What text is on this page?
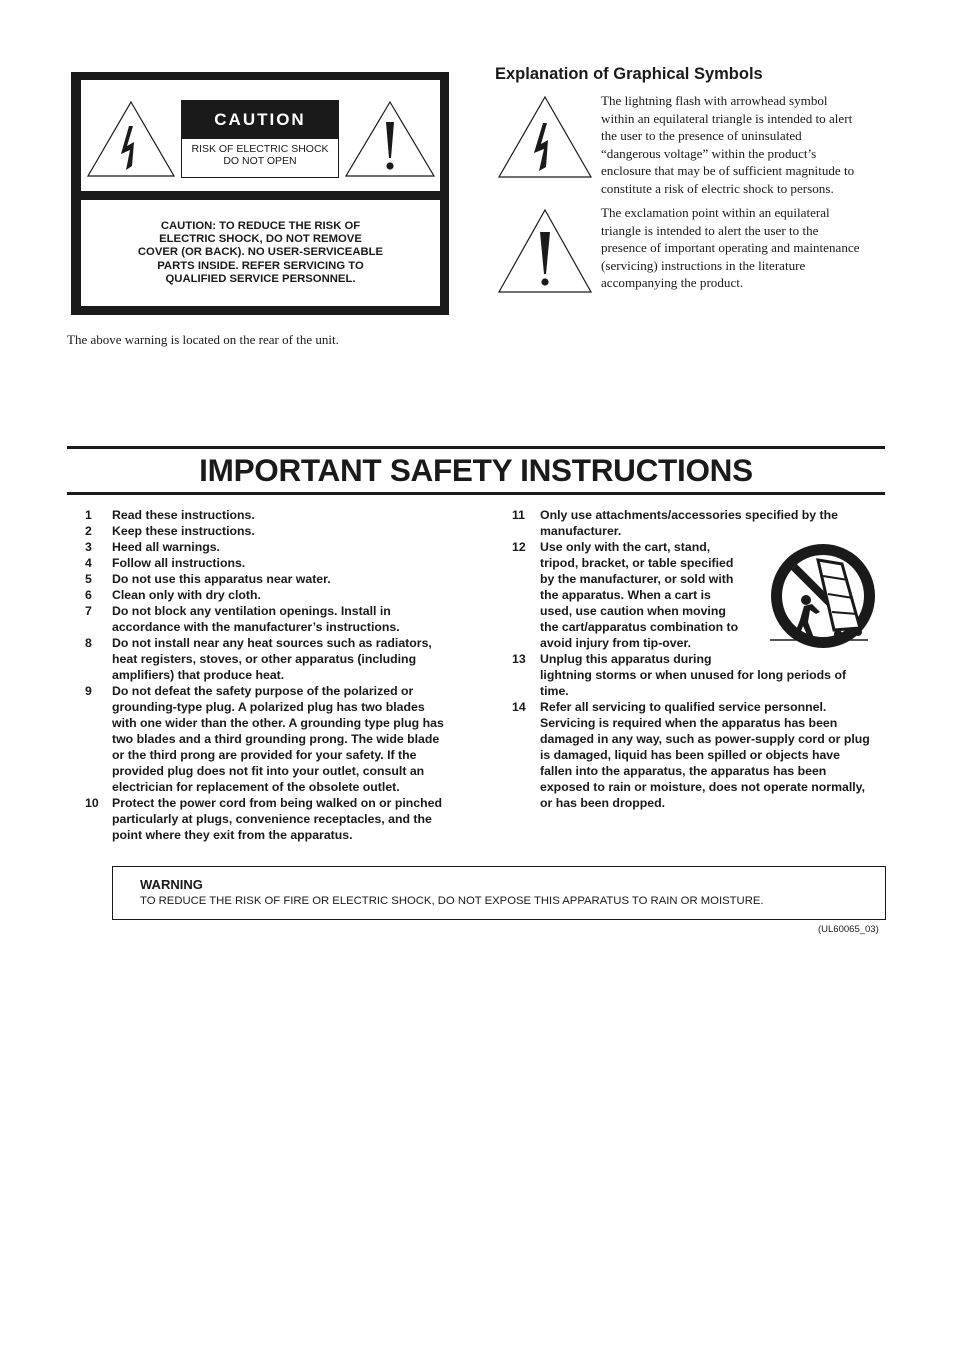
CAUTION
RISK OF ELECTRIC SHOCK
DO NOT OPEN
CAUTION: TO REDUCE THE RISK OF
ELECTRIC SHOCK, DO NOT REMOVE
COVER (OR BACK). NO USER-SERVICEABLE
PARTS INSIDE. REFER SERVICING TO
QUALIFIED SERVICE PERSONNEL.
The above warning is located on the rear of the unit.
Explanation of Graphical Symbols
The lightning flash with arrowhead symbol
within an equilateral triangle is intended to alert
the user to the presence of uninsulated
“dangerous voltage” within the product’s
enclosure that may be of sufficient magnitude to
constitute a risk of electric shock to persons.
The exclamation point within an equilateral
triangle is intended to alert the user to the
presence of important operating and maintenance
(servicing) instructions in the literature
accompanying the product.
IMPORTANT SAFETY INSTRUCTIONS
1 Read these instructions.
2 Keep these instructions.
3 Heed all warnings.
4 Follow all instructions.
5 Do not use this apparatus near water.
6 Clean only with dry cloth.
7 Do not block any ventilation openings. Install in
accordance with the manufacturer’s instructions.
8 Do not install near any heat sources such as radiators,
heat registers, stoves, or other apparatus (including
amplifiers) that produce heat.
9 Do not defeat the safety purpose of the polarized or
grounding-type plug. A polarized plug has two blades
with one wider than the other. A grounding type plug has
two blades and a third grounding prong. The wide blade
or the third prong are provided for your safety. If the
provided plug does not fit into your outlet, consult an
electrician for replacement of the obsolete outlet.
10 Protect the power cord from being walked on or pinched
particularly at plugs, convenience receptacles, and the
point where they exit from the apparatus.
11 Only use attachments/accessories specified by the
manufacturer.
12 Use only with the cart, stand,
tripod, bracket, or table specified
by the manufacturer, or sold with
the apparatus. When a cart is
used, use caution when moving
the cart/apparatus combination to
avoid injury from tip-over.
13 Unplug this apparatus during
lightning storms or when unused for long periods of
time.
14 Refer all servicing to qualified service personnel.
Servicing is required when the apparatus has been
damaged in any way, such as power-supply cord or plug
is damaged, liquid has been spilled or objects have
fallen into the apparatus, the apparatus has been
exposed to rain or moisture, does not operate normally,
or has been dropped.
WARNING
TO REDUCE THE RISK OF FIRE OR ELECTRIC SHOCK, DO NOT EXPOSE THIS APPARATUS TO RAIN OR MOISTURE.
(UL60065_03)
